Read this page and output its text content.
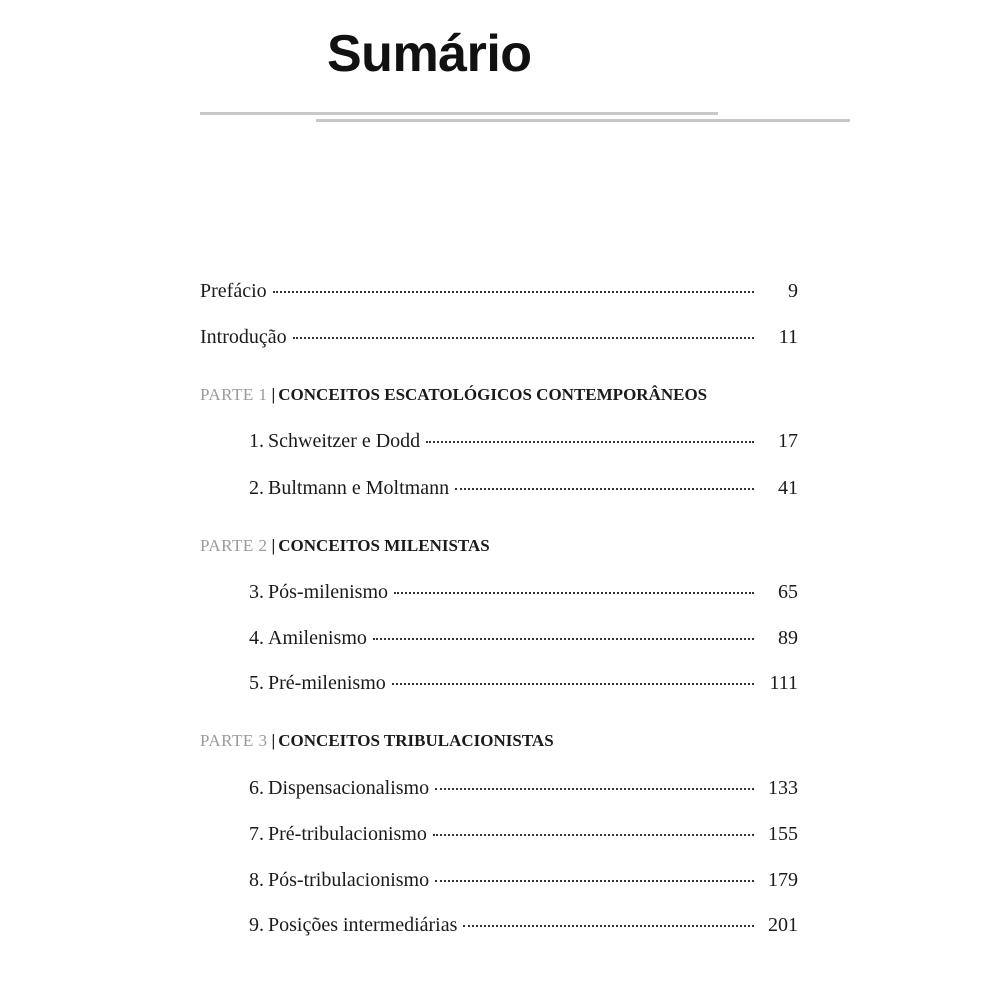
Sumário
Prefácio	9
Introdução	11
PARTE 1 | CONCEITOS ESCATOLÓGICOS CONTEMPORÂNEOS
1. Schweitzer e Dodd	17
2. Bultmann e Moltmann	41
PARTE 2 | CONCEITOS MILENISTAS
3. Pós-milenismo	65
4. Amilenismo	89
5. Pré-milenismo	111
PARTE 3 | CONCEITOS TRIBULACIONISTAS
6. Dispensacionalismo	133
7. Pré-tribulacionismo	155
8. Pós-tribulacionismo	179
9. Posições intermediárias	201
